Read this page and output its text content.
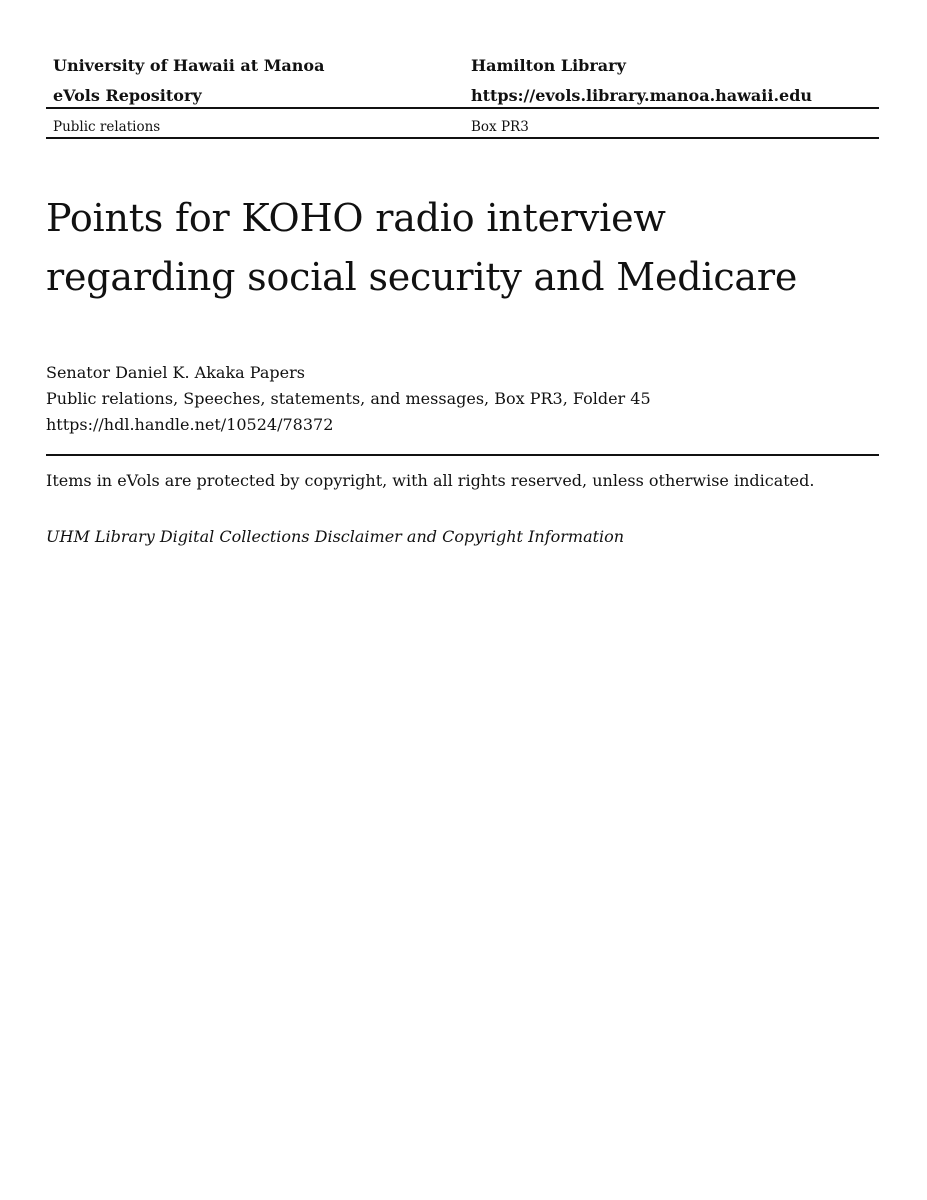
University of Hawaii at Manoa	Hamilton Library
eVols Repository	https://evols.library.manoa.hawaii.edu
Public relations	Box PR3
Points for KOHO radio interview
regarding social security and Medicare
Senator Daniel K. Akaka Papers
Public relations, Speeches, statements, and messages, Box PR3, Folder 45
https://hdl.handle.net/10524/78372
Items in eVols are protected by copyright, with all rights reserved, unless otherwise indicated.
UHM Library Digital Collections Disclaimer and Copyright Information
